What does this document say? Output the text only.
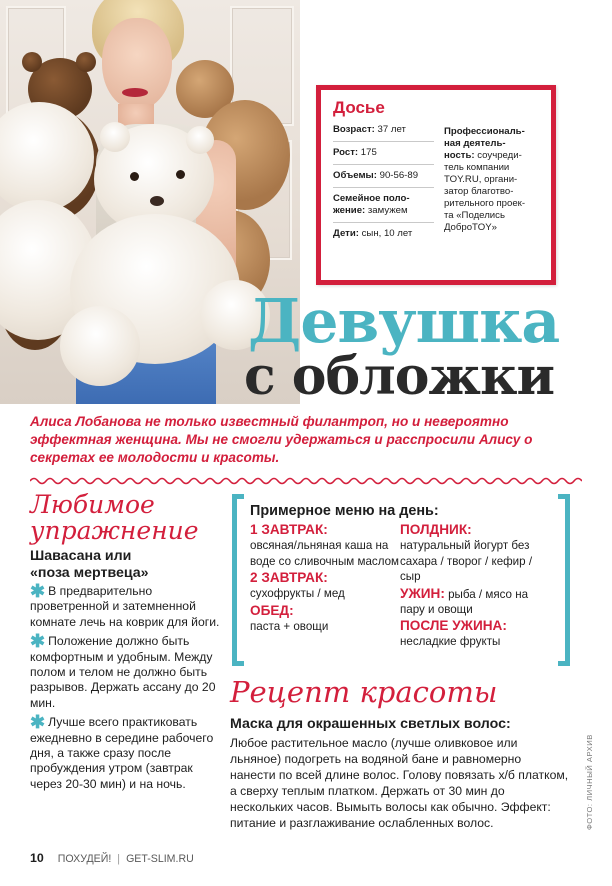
Досье
Возраст: 37 лет
Рост: 175
Объемы: 90-56-89
Семейное поло-
жение: замужем
Дети: сын, 10 лет
Профессиональ-
ная деятель-
ность: соучреди-
тель компании
TOY.RU, органи-
затор благотво-
рительного проек-
та «Поделись
ДоброTOY»
Девушка
с обложки
Алиса Лобанова не только известный филантроп, но и невероятно эффектная женщина. Мы не смогли удержаться и расспросили Алису о секретах ее молодости и красоты.
Любимое
упражнение
Шавасана или
«поза мертвеца»

✱ В предварительно проветренной и затемненной комнате лечь на коврик для йоги.

✱ Положение должно быть комфортным и удобным. Между полом и телом не должно быть разрывов. Держать ассану до 20 мин.

✱ Лучше всего практиковать ежедневно в середине рабочего дня, а также сразу после пробуждения утром (завтрак через 20-30 мин) и на ночь.

Примерное меню на день:
1 ЗАВТРАК:
овсяная/льняная каша на воде со сливочным маслом
2 ЗАВТРАК:
сухофрукты / мед
ОБЕД:
паста + овощи
ПОЛДНИК:
натуральный йогурт без сахара / творог / кефир / сыр
УЖИН: рыба / мясо на пару и овощи
ПОСЛЕ УЖИНА:
несладкие фрукты
Рецепт красоты
Маска для окрашенных светлых волос:
Любое растительное масло (лучше оливковое или льняное) подогреть на водяной бане и равномерно нанести по всей длине волос. Голову повязать х/б платком, а сверху теплым платком. Держать от 30 мин до нескольких часов. Вымыть волосы как обычно. Эффект: питание и разглаживание ослабленных волос.	ФОТО: ЛИЧНЫЙ АРХИВ
10 ПОХУДЕЙ! | GET-SLIM.RU
